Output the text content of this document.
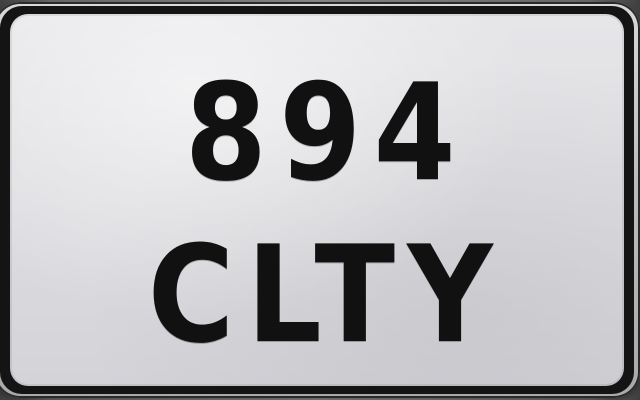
894
CLTY
